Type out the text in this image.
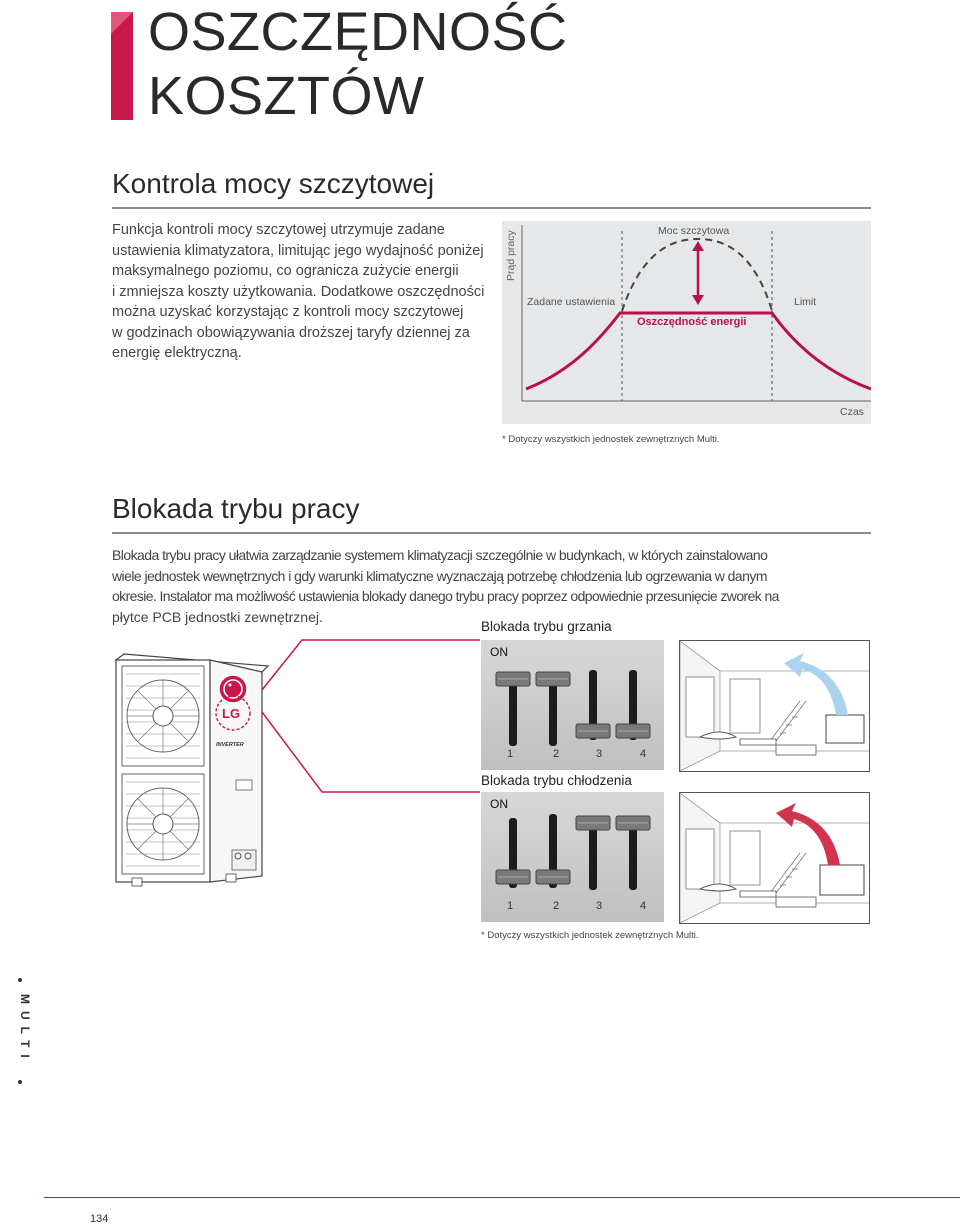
OSZCZĘDNOŚĆ
KOSZTÓW
Kontrola mocy szczytowej
Funkcja kontroli mocy szczytowej utrzymuje zadane
ustawienia klimatyzatora, limitując jego wydajność poniżej
maksymalnego poziomu, co ogranicza zużycie energii
i zmniejsza koszty użytkowania. Dodatkowe oszczędności
można uzyskać korzystając z kontroli mocy szczytowej
w godzinach obowiązywania droższej taryfy dziennej za
energię elektryczną.
Prąd pracy	Moc szczytowa
Zadane ustawienia	Limit
Oszczędność energii
Czas
* Dotyczy wszystkich jednostek zewnętrznych Multi.
Blokada trybu pracy
Blokada trybu pracy ułatwia zarządzanie systemem klimatyzacji szczególnie w budynkach, w których zainstalowano
wiele jednostek wewnętrznych i gdy warunki klimatyczne wyznaczają potrzebę chłodzenia lub ogrzewania w danym
okresie. Instalator ma możliwość ustawienia blokady danego trybu pracy poprzez odpowiednie przesunięcie zworek na
płytce PCB jednostki zewnętrznej.
LG
INVERTER
Blokada trybu grzania
ON
1	2	3	4
Blokada trybu chłodzenia
ON
1	2	3	4
* Dotyczy wszystkich jednostek zewnętrznych Multi.
MULTI
134
